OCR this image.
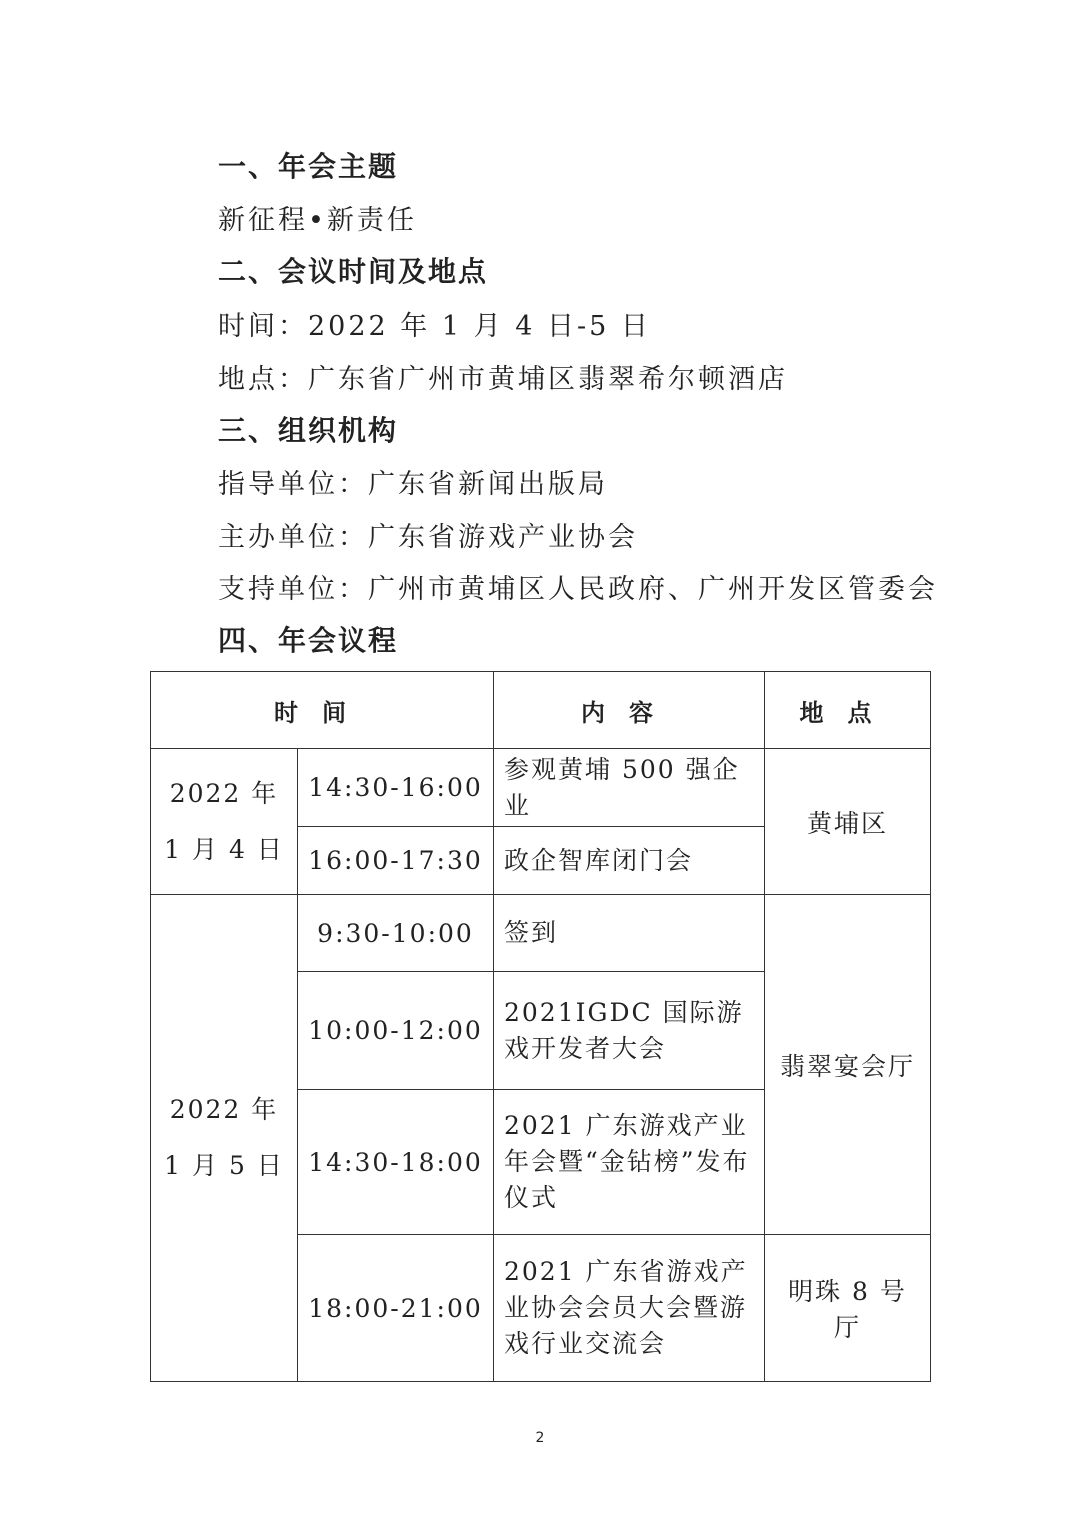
一、年会主题
新征程•新责任
二、会议时间及地点
时间：2022 年 1 月 4 日-5 日
地点：广东省广州市黄埔区翡翠希尔顿酒店
三、组织机构
指导单位：广东省新闻出版局
主办单位：广东省游戏产业协会
支持单位：广州市黄埔区人民政府、广州开发区管委会
四、年会议程
时间		内容	地点

2022 年
1 月 4 日	14:30-16:00	参观黄埔 500 强企业	黄埔区
	16:00-17:30	政企智库闭门会	

2022 年
1 月 5 日	9:30-10:00	签到	翡翠宴会厅
	10:00-12:00	2021IGDC 国际游戏开发者大会	
	14:30-18:00	2021 广东游戏产业年会暨“金钻榜”发布仪式	
	18:00-21:00	2021 广东省游戏产业协会会员大会暨游戏行业交流会	明珠 8 号厅
2
